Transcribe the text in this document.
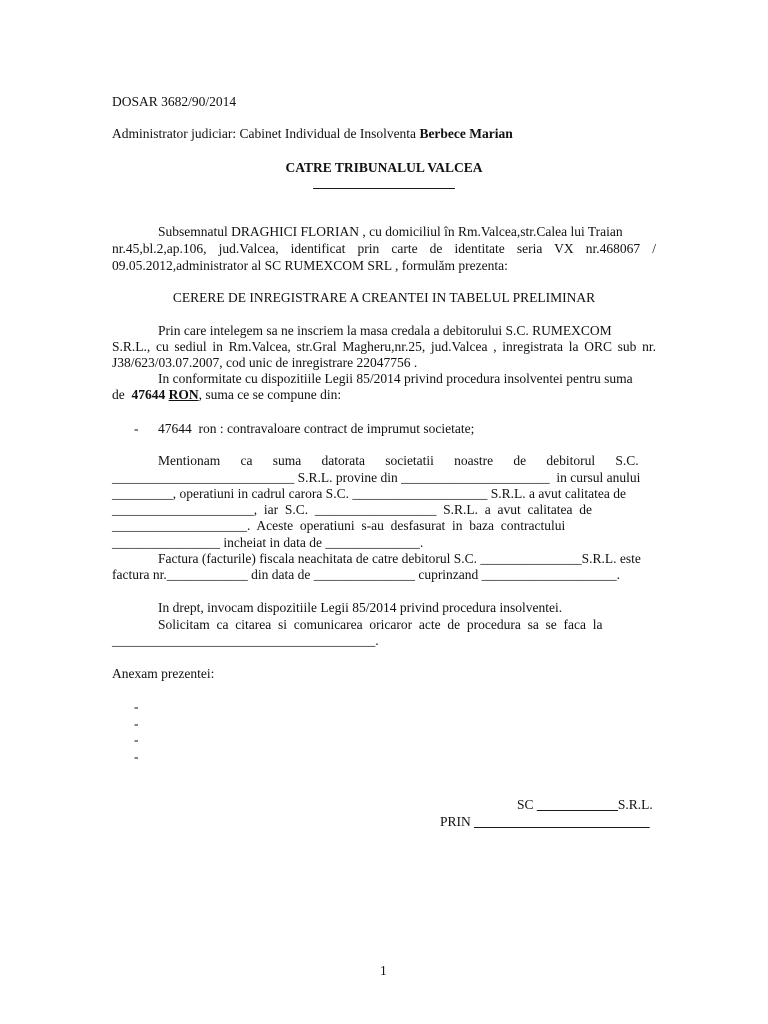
DOSAR 3682/90/2014
Administrator judiciar: Cabinet Individual de Insolventa Berbece Marian
CATRE TRIBUNALUL VALCEA
_____________________
Subsemnatul DRAGHICI FLORIAN , cu domiciliul în Rm.Valcea,str.Calea lui Traian
nr.45,bl.2,ap.106, jud.Valcea, identificat prin carte de identitate seria VX nr.468067 /
09.05.2012,administrator al SC RUMEXCOM SRL , formulăm prezenta:
CERERE DE INREGISTRARE A CREANTEI IN TABELUL PRELIMINAR
Prin care intelegem sa ne inscriem la masa credala a debitorului S.C. RUMEXCOM
S.R.L., cu sediul in Rm.Valcea, str.Gral Magheru,nr.25, jud.Valcea , inregistrata la ORC sub nr.
J38/623/03.07.2007, cod unic de inregistrare 22047756 .
In conformitate cu dispozitiile Legii 85/2014 privind procedura insolventei pentru suma
de  47644 RON, suma ce se compune din:
- 47644  ron : contravaloare contract de imprumut societate;
Mentionam      ca      suma      datorata      societatii      noastre      de      debitorul      S.C.
___________________________ S.R.L. provine din ______________________  in cursul anului
_________, operatiuni in cadrul carora S.C. ____________________ S.R.L. a avut calitatea de
_____________________,  iar  S.C.  __________________  S.R.L.  a  avut  calitatea  de
____________________.  Aceste  operatiuni  s-au  desfasurat  in  baza  contractului
________________ incheiat in data de ______________.
Factura (facturile) fiscala neachitata de catre debitorul S.C. _______________S.R.L. este
factura nr.____________ din data de _______________ cuprinzand ____________________.
In drept, invocam dispozitiile Legii 85/2014 privind procedura insolventei.
Solicitam  ca  citarea  si  comunicarea  oricaror  acte  de  procedura  sa  se  faca  la
_______________________________________.
Anexam prezentei:
-
-
-
-
SC ____________S.R.L.
PRIN __________________________
1
